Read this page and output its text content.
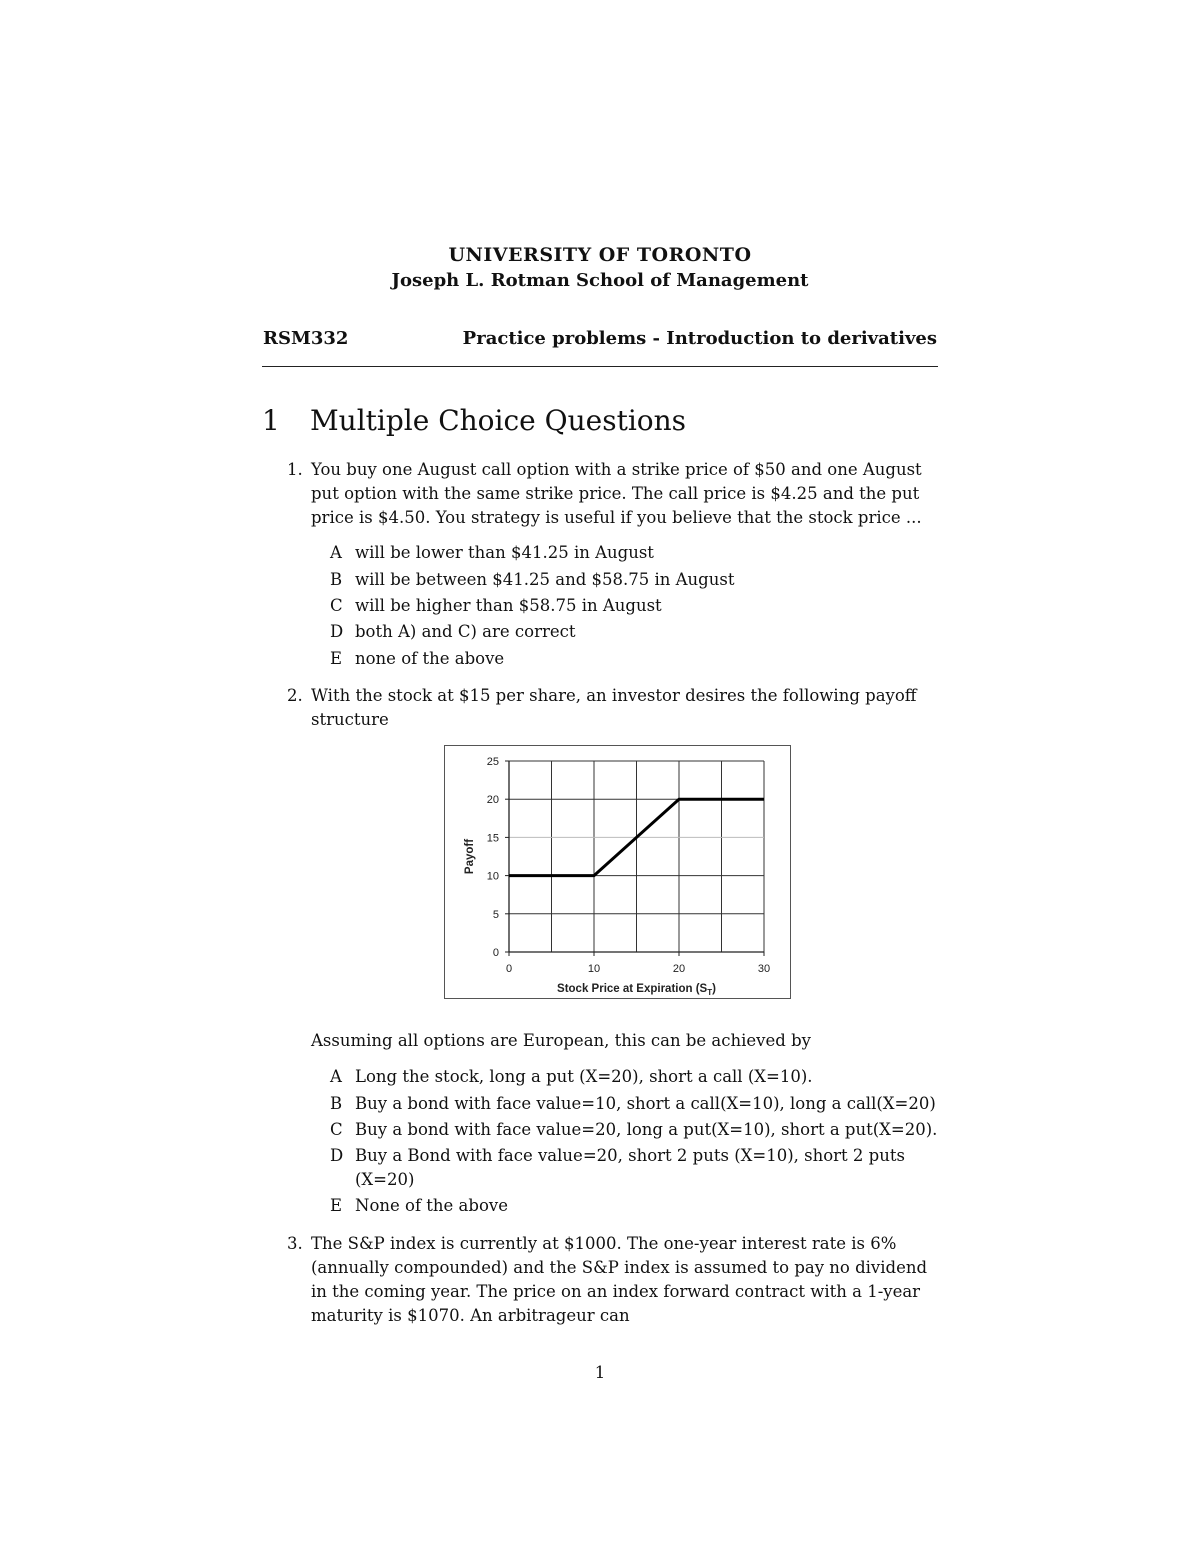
UNIVERSITY OF TORONTO
Joseph L. Rotman School of Management
RSM332	Practice problems - Introduction to derivatives
1 Multiple Choice Questions
1. You buy one August call option with a strike price of $50 and one August
put option with the same strike price. The call price is $4.25 and the put
price is $4.50. You strategy is useful if you believe that the stock price ...
A will be lower than $41.25 in August
B will be between $41.25 and $58.75 in August
C will be higher than $58.75 in August
D both A) and C) are correct
E none of the above
2. With the stock at $15 per share, an investor desires the following payoff
structure
0
5
10
15
20
25
0	10	20	30
Stock Price at Expiration $(S_T)$
Payoff
Assuming all options are European, this can be achieved by
A Long the stock, long a put (X=20), short a call (X=10).
B Buy a bond with face value=10, short a call(X=10), long a call(X=20)
C Buy a bond with face value=20, long a put(X=10), short a put(X=20).
D Buy a Bond with face value=20, short 2 puts (X=10), short 2 puts
(X=20)
E None of the above
3. The S&P index is currently at $1000. The one-year interest rate is 6%
(annually compounded) and the S&P index is assumed to pay no dividend
in the coming year. The price on an index forward contract with a 1-year
maturity is $1070. An arbitrageur can
1
